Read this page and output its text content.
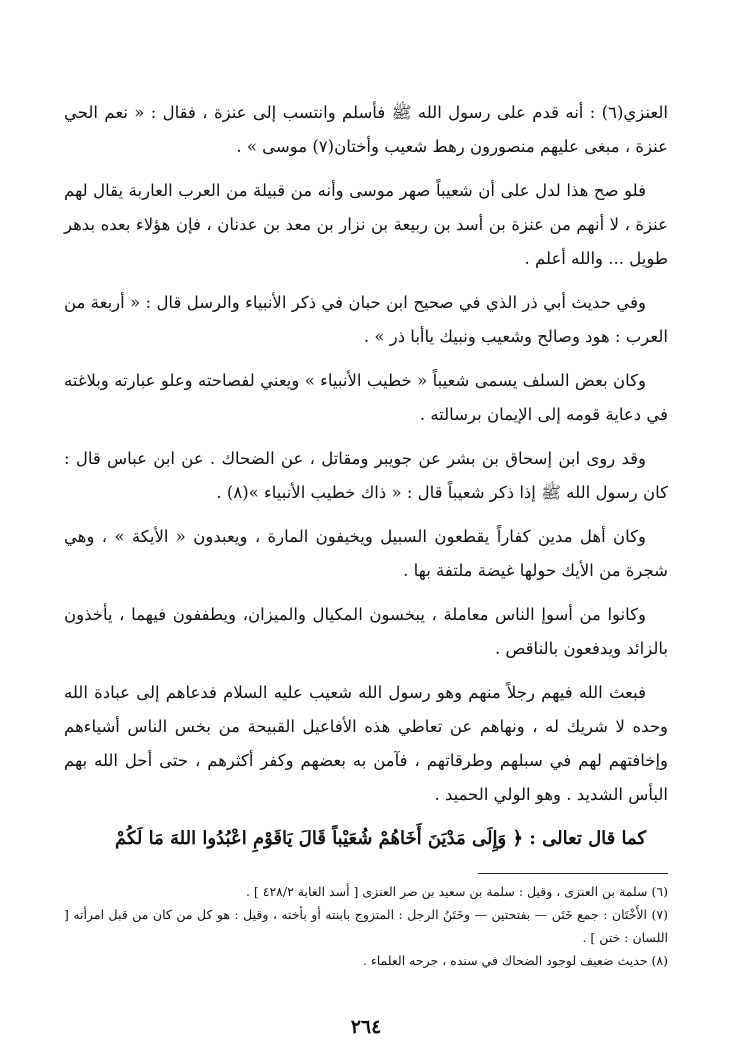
العنزي(٦) : أنه قدم على رسول الله ﷺ فأسلم وانتسب إلى عنزة ، فقال : « نعم الحي عنزة ، مبغى عليهم منصورون رهط شعيب وأختان(٧) موسى » .

فلو صح هذا لدل على أن شعيباً صهر موسى وأنه من قبيلة من العرب العاربة يقال لهم عنزة ، لا أنهم من عنزة بن أسد بن ربيعة بن نزار بن معد بن عدنان ، فإن هؤلاء بعده بدهر طويل ... والله أعلم .

وفي حديث أبي ذر الذي في صحيح ابن حبان في ذكر الأنبياء والرسل قال : « أربعة من العرب : هود وصالح وشعيب ونبيك ياأبا ذر » .

وكان بعض السلف يسمى شعيباً « خطيب الأنبياء » ويعني لفصاحته وعلو عبارته وبلاغته في دعاية قومه إلى الإيمان برسالته .

وقد روى ابن إسحاق بن بشر عن جويبر ومقاتل ، عن الضحاك . عن ابن عباس قال : كان رسول الله ﷺ إذا ذكر شعيباً قال : « ذاك خطيب الأنبياء »(٨) .

وكان أهل مدين كفاراً يقطعون السبيل ويخيفون المارة ، ويعبدون « الأيكة » ، وهي شجرة من الأيك حولها غيضة ملتفة بها .

وكانوا من أسوإ الناس معاملة ، يبخسون المكيال والميزان، ويطففون فيهما ، يأخذون بالزائد ويدفعون بالناقص .

فبعث الله فيهم رجلاً منهم وهو رسول الله شعيب عليه السلام فدعاهم إلى عبادة الله وحده لا شريك له ، ونهاهم عن تعاطي هذه الأفاعيل القبيحة من بخس الناس أشياءهم وإخافتهم لهم في سبلهم وطرقاتهم ، فآمن به بعضهم وكفر أكثرهم ، حتى أحل الله بهم البأس الشديد . وهو الولي الحميد .

كما قال تعالى : ﴿ وَإِلَى مَدْيَنَ أَخَاهُمْ شُعَيْباً قَالَ يَاقَوْمِ اعْبُدُوا اللهَ مَا لَكُمْ

(٦) سلمة بن العنزى ، وقيل : سلمة بن سعيد بن صر العنزى [ أسد الغابة ٤٢٨/٢ ] .
(٧) الأَخْتَان : جمع خَتَن — بفتحتين — وخَتَنُ الرجل : المتزوج بابنته أو بأخته ، وقيل : هو كل من كان من قبل امرأته [ اللسان : ختن ] .
(٨) حديث ضعيف لوجود الضحاك في سنده ، جرحه العلماء .
٢٦٤
